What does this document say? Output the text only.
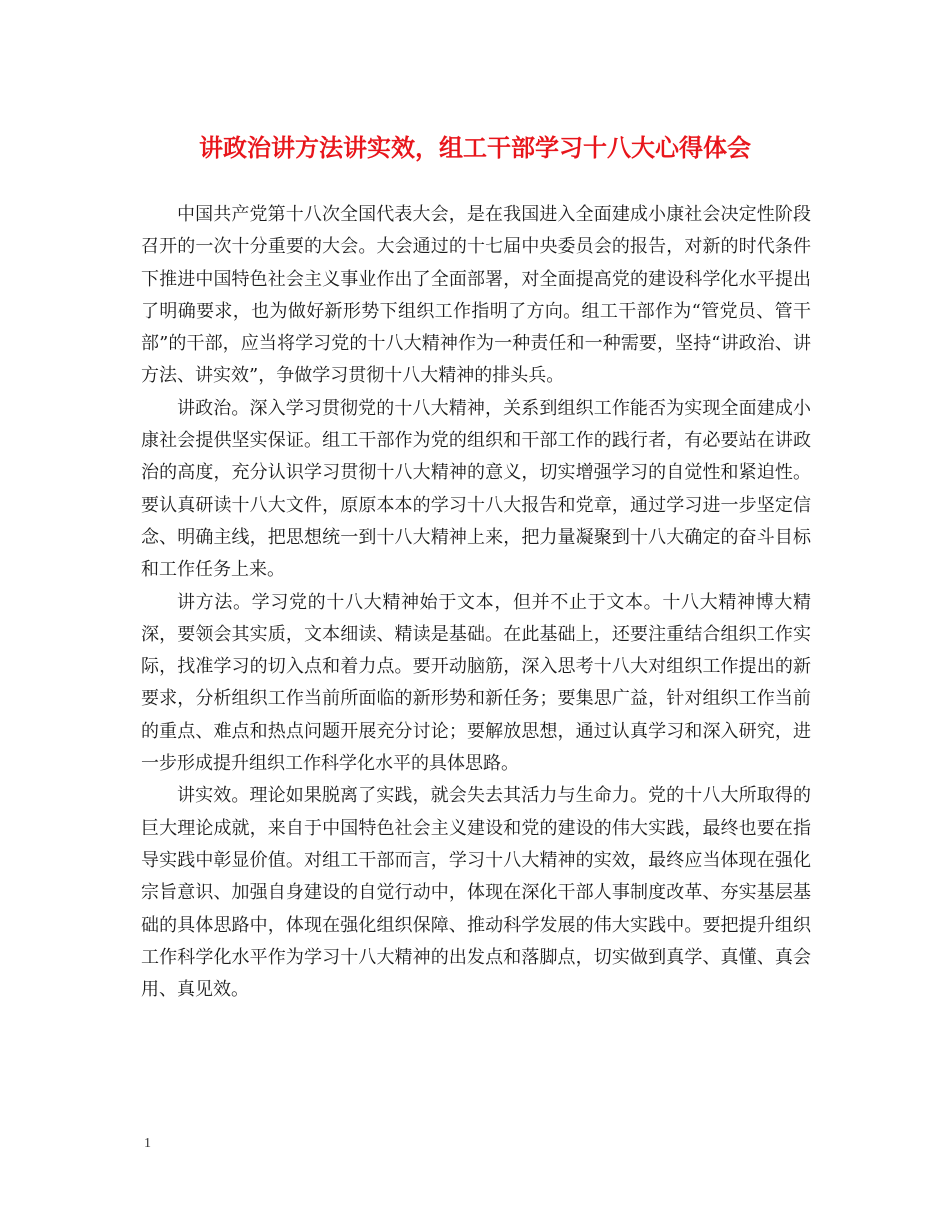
讲政治讲方法讲实效，组工干部学习十八大心得体会

中国共产党第十八次全国代表大会，是在我国进入全面建成小康社会决定性阶段召开的一次十分重要的大会。大会通过的十七届中央委员会的报告，对新的时代条件下推进中国特色社会主义事业作出了全面部署，对全面提高党的建设科学化水平提出了明确要求，也为做好新形势下组织工作指明了方向。组工干部作为“管党员、管干部”的干部，应当将学习党的十八大精神作为一种责任和一种需要，坚持“讲政治、讲方法、讲实效”，争做学习贯彻十八大精神的排头兵。

讲政治。深入学习贯彻党的十八大精神，关系到组织工作能否为实现全面建成小康社会提供坚实保证。组工干部作为党的组织和干部工作的践行者，有必要站在讲政治的高度，充分认识学习贯彻十八大精神的意义，切实增强学习的自觉性和紧迫性。要认真研读十八大文件，原原本本的学习十八大报告和党章，通过学习进一步坚定信念、明确主线，把思想统一到十八大精神上来，把力量凝聚到十八大确定的奋斗目标和工作任务上来。

讲方法。学习党的十八大精神始于文本，但并不止于文本。十八大精神博大精深，要领会其实质，文本细读、精读是基础。在此基础上，还要注重结合组织工作实际，找准学习的切入点和着力点。要开动脑筋，深入思考十八大对组织工作提出的新要求，分析组织工作当前所面临的新形势和新任务；要集思广益，针对组织工作当前的重点、难点和热点问题开展充分讨论；要解放思想，通过认真学习和深入研究，进一步形成提升组织工作科学化水平的具体思路。

讲实效。理论如果脱离了实践，就会失去其活力与生命力。党的十八大所取得的巨大理论成就，来自于中国特色社会主义建设和党的建设的伟大实践，最终也要在指导实践中彰显价值。对组工干部而言，学习十八大精神的实效，最终应当体现在强化宗旨意识、加强自身建设的自觉行动中，体现在深化干部人事制度改革、夯实基层基础的具体思路中，体现在强化组织保障、推动科学发展的伟大实践中。要把提升组织工作科学化水平作为学习十八大精神的出发点和落脚点，切实做到真学、真懂、真会用、真见效。

1
